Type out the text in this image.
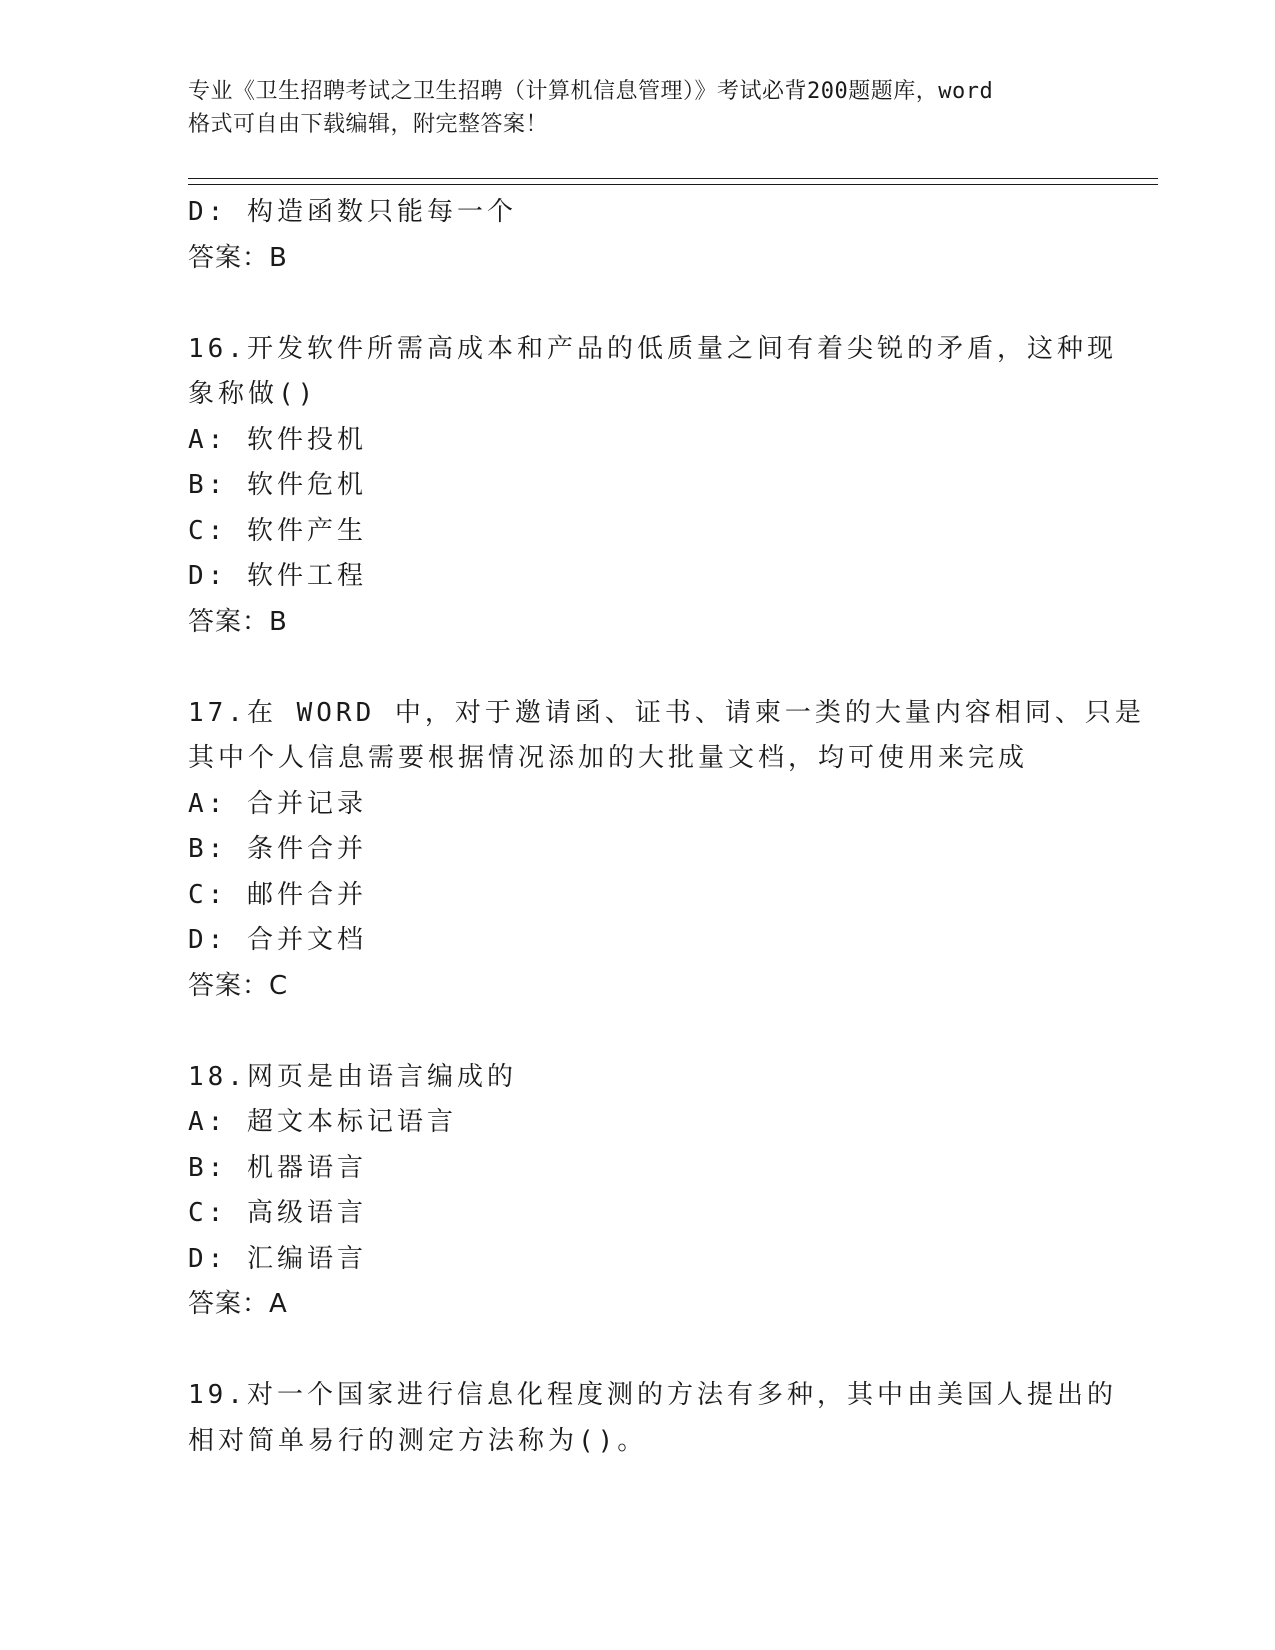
专业《卫生招聘考试之卫生招聘（计算机信息管理）》考试必背200题题库，word
格式可自由下载编辑，附完整答案！
D: 构造函数只能每一个
答案：B
16.开发软件所需高成本和产品的低质量之间有着尖锐的矛盾，这种现
象称做()
A: 软件投机
B: 软件危机
C: 软件产生
D: 软件工程
答案：B
17.在 WORD 中，对于邀请函、证书、请柬一类的大量内容相同、只是
其中个人信息需要根据情况添加的大批量文档，均可使用来完成
A: 合并记录
B: 条件合并
C: 邮件合并
D: 合并文档
答案：C
18.网页是由语言编成的
A: 超文本标记语言
B: 机器语言
C: 高级语言
D: 汇编语言
答案：A
19.对一个国家进行信息化程度测的方法有多种，其中由美国人提出的
相对简单易行的测定方法称为()。
